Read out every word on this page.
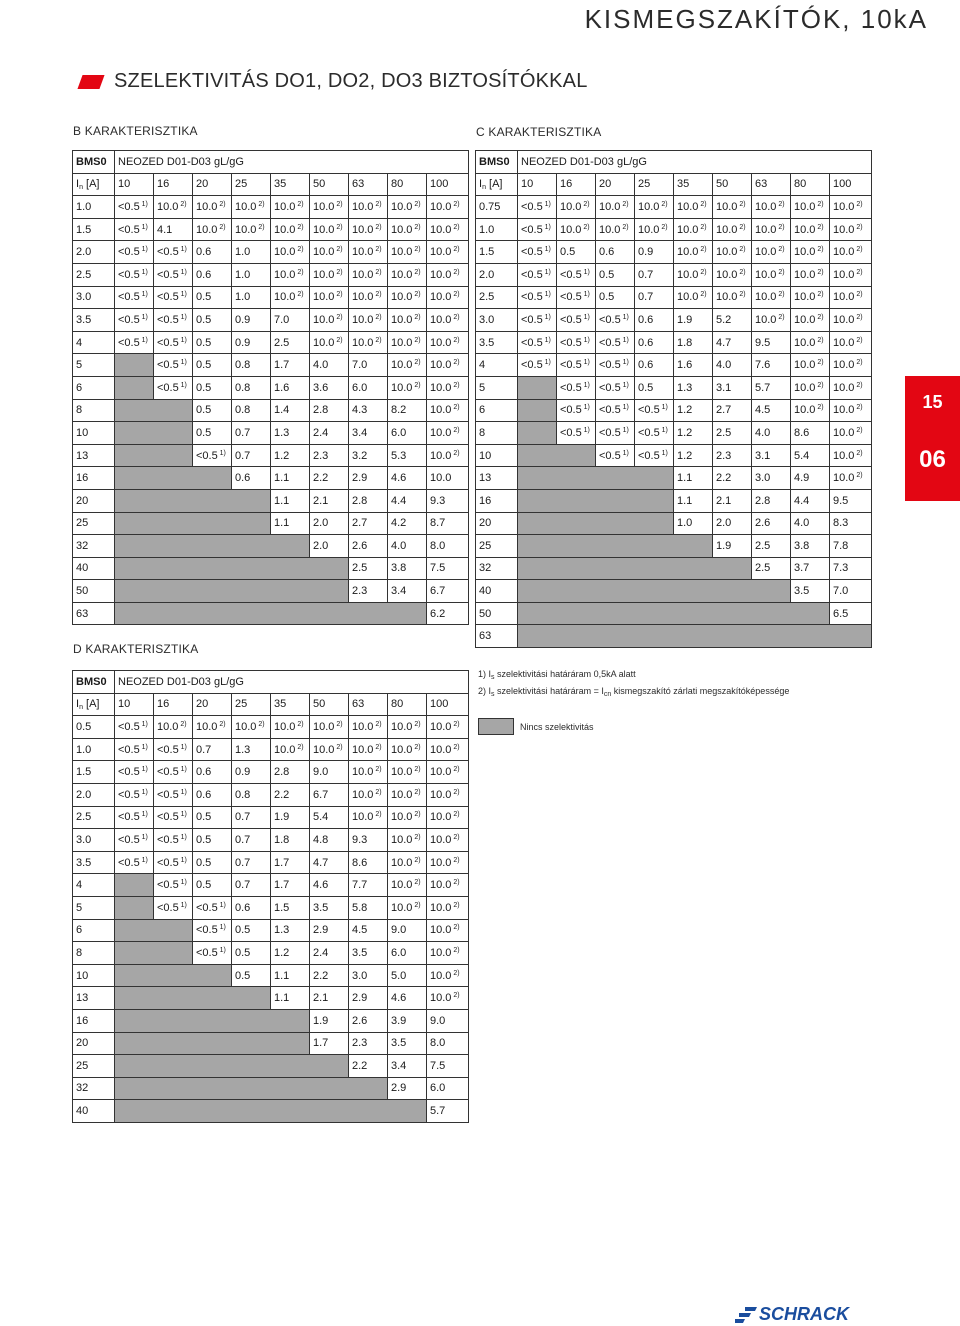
KISMEGSZAKÍTÓK, 10kA
SZELEKTIVITÁS DO1, DO2, DO3 BIZTOSÍTÓKKAL
B KARAKTERISZTIKA	C KARAKTERISZTIKA
D KARAKTERISZTIKA
BMS0	NEOZED D01-D03 gL/gG								
$I_n$ [A]	10	16	20	25	35	50	63	80	100
1.0	<0.5 $^{1)}$	10.0 $^{2)}$	10.0 $^{2)}$	10.0 $^{2)}$	10.0 $^{2)}$	10.0 $^{2)}$	10.0 $^{2)}$	10.0 $^{2)}$	10.0 $^{2)}$
1.5	<0.5 $^{1)}$	4.1	10.0 $^{2)}$	10.0 $^{2)}$	10.0 $^{2)}$	10.0 $^{2)}$	10.0 $^{2)}$	10.0 $^{2)}$	10.0 $^{2)}$
2.0	<0.5 $^{1)}$	<0.5 $^{1)}$	0.6	1.0	10.0 $^{2)}$	10.0 $^{2)}$	10.0 $^{2)}$	10.0 $^{2)}$	10.0 $^{2)}$
2.5	<0.5 $^{1)}$	<0.5 $^{1)}$	0.6	1.0	10.0 $^{2)}$	10.0 $^{2)}$	10.0 $^{2)}$	10.0 $^{2)}$	10.0 $^{2)}$
3.0	<0.5 $^{1)}$	<0.5 $^{1)}$	0.5	1.0	10.0 $^{2)}$	10.0 $^{2)}$	10.0 $^{2)}$	10.0 $^{2)}$	10.0 $^{2)}$
3.5	<0.5 $^{1)}$	<0.5 $^{1)}$	0.5	0.9	7.0	10.0 $^{2)}$	10.0 $^{2)}$	10.0 $^{2)}$	10.0 $^{2)}$
4	<0.5 $^{1)}$	<0.5 $^{1)}$	0.5	0.9	2.5	10.0 $^{2)}$	10.0 $^{2)}$	10.0 $^{2)}$	10.0 $^{2)}$
5		<0.5 $^{1)}$	0.5	0.8	1.7	4.0	7.0	10.0 $^{2)}$	10.0 $^{2)}$
6		<0.5 $^{1)}$	0.5	0.8	1.6	3.6	6.0	10.0 $^{2)}$	10.0 $^{2)}$
8			0.5	0.8	1.4	2.8	4.3	8.2	10.0 $^{2)}$
10			0.5	0.7	1.3	2.4	3.4	6.0	10.0 $^{2)}$
13			<0.5 $^{1)}$	0.7	1.2	2.3	3.2	5.3	10.0 $^{2)}$
16				0.6	1.1	2.2	2.9	4.6	10.0
20					1.1	2.1	2.8	4.4	9.3
25					1.1	2.0	2.7	4.2	8.7
32						2.0	2.6	4.0	8.0
40							2.5	3.8	7.5
50							2.3	3.4	6.7
63									6.2
BMS0	NEOZED D01-D03 gL/gG								
$I_n$ [A]	10	16	20	25	35	50	63	80	100
0.75	<0.5 $^{1)}$	10.0 $^{2)}$	10.0 $^{2)}$	10.0 $^{2)}$	10.0 $^{2)}$	10.0 $^{2)}$	10.0 $^{2)}$	10.0 $^{2)}$	10.0 $^{2)}$
1.0	<0.5 $^{1)}$	10.0 $^{2)}$	10.0 $^{2)}$	10.0 $^{2)}$	10.0 $^{2)}$	10.0 $^{2)}$	10.0 $^{2)}$	10.0 $^{2)}$	10.0 $^{2)}$
1.5	<0.5 $^{1)}$	0.5	0.6	0.9	10.0 $^{2)}$	10.0 $^{2)}$	10.0 $^{2)}$	10.0 $^{2)}$	10.0 $^{2)}$
2.0	<0.5 $^{1)}$	<0.5 $^{1)}$	0.5	0.7	10.0 $^{2)}$	10.0 $^{2)}$	10.0 $^{2)}$	10.0 $^{2)}$	10.0 $^{2)}$
2.5	<0.5 $^{1)}$	<0.5 $^{1)}$	0.5	0.7	10.0 $^{2)}$	10.0 $^{2)}$	10.0 $^{2)}$	10.0 $^{2)}$	10.0 $^{2)}$
3.0	<0.5 $^{1)}$	<0.5 $^{1)}$	<0.5 $^{1)}$	0.6	1.9	5.2	10.0 $^{2)}$	10.0 $^{2)}$	10.0 $^{2)}$
3.5	<0.5 $^{1)}$	<0.5 $^{1)}$	<0.5 $^{1)}$	0.6	1.8	4.7	9.5	10.0 $^{2)}$	10.0 $^{2)}$
4	<0.5 $^{1)}$	<0.5 $^{1)}$	<0.5 $^{1)}$	0.6	1.6	4.0	7.6	10.0 $^{2)}$	10.0 $^{2)}$
5		<0.5 $^{1)}$	<0.5 $^{1)}$	0.5	1.3	3.1	5.7	10.0 $^{2)}$	10.0 $^{2)}$
6		<0.5 $^{1)}$	<0.5 $^{1)}$	<0.5 $^{1)}$	1.2	2.7	4.5	10.0 $^{2)}$	10.0 $^{2)}$
8		<0.5 $^{1)}$	<0.5 $^{1)}$	<0.5 $^{1)}$	1.2	2.5	4.0	8.6	10.0 $^{2)}$
10			<0.5 $^{1)}$	<0.5 $^{1)}$	1.2	2.3	3.1	5.4	10.0 $^{2)}$
13					1.1	2.2	3.0	4.9	10.0 $^{2)}$
16					1.1	2.1	2.8	4.4	9.5
20					1.0	2.0	2.6	4.0	8.3
25						1.9	2.5	3.8	7.8
32							2.5	3.7	7.3
40								3.5	7.0
50									6.5
63									
BMS0	NEOZED D01-D03 gL/gG								
$I_n$ [A]	10	16	20	25	35	50	63	80	100
0.5	<0.5 $^{1)}$	10.0 $^{2)}$	10.0 $^{2)}$	10.0 $^{2)}$	10.0 $^{2)}$	10.0 $^{2)}$	10.0 $^{2)}$	10.0 $^{2)}$	10.0 $^{2)}$
1.0	<0.5 $^{1)}$	<0.5 $^{1)}$	0.7	1.3	10.0 $^{2)}$	10.0 $^{2)}$	10.0 $^{2)}$	10.0 $^{2)}$	10.0 $^{2)}$
1.5	<0.5 $^{1)}$	<0.5 $^{1)}$	0.6	0.9	2.8	9.0	10.0 $^{2)}$	10.0 $^{2)}$	10.0 $^{2)}$
2.0	<0.5 $^{1)}$	<0.5 $^{1)}$	0.6	0.8	2.2	6.7	10.0 $^{2)}$	10.0 $^{2)}$	10.0 $^{2)}$
2.5	<0.5 $^{1)}$	<0.5 $^{1)}$	0.5	0.7	1.9	5.4	10.0 $^{2)}$	10.0 $^{2)}$	10.0 $^{2)}$
3.0	<0.5 $^{1)}$	<0.5 $^{1)}$	0.5	0.7	1.8	4.8	9.3	10.0 $^{2)}$	10.0 $^{2)}$
3.5	<0.5 $^{1)}$	<0.5 $^{1)}$	0.5	0.7	1.7	4.7	8.6	10.0 $^{2)}$	10.0 $^{2)}$
4		<0.5 $^{1)}$	0.5	0.7	1.7	4.6	7.7	10.0 $^{2)}$	10.0 $^{2)}$
5		<0.5 $^{1)}$	<0.5 $^{1)}$	0.6	1.5	3.5	5.8	10.0 $^{2)}$	10.0 $^{2)}$
6			<0.5 $^{1)}$	0.5	1.3	2.9	4.5	9.0	10.0 $^{2)}$
8			<0.5 $^{1)}$	0.5	1.2	2.4	3.5	6.0	10.0 $^{2)}$
10				0.5	1.1	2.2	3.0	5.0	10.0 $^{2)}$
13					1.1	2.1	2.9	4.6	10.0 $^{2)}$
16						1.9	2.6	3.9	9.0
20						1.7	2.3	3.5	8.0
25							2.2	3.4	7.5
32								2.9	6.0
40									5.7
15
06
1) $I_s$ szelektivitási határáram 0,5kA alatt
2) $I_s$ szelektivitási határáram = $I_{cn}$ kismegszakító zárlati megszakítóképessége
Nincs szelektivitás
SCHRACK
